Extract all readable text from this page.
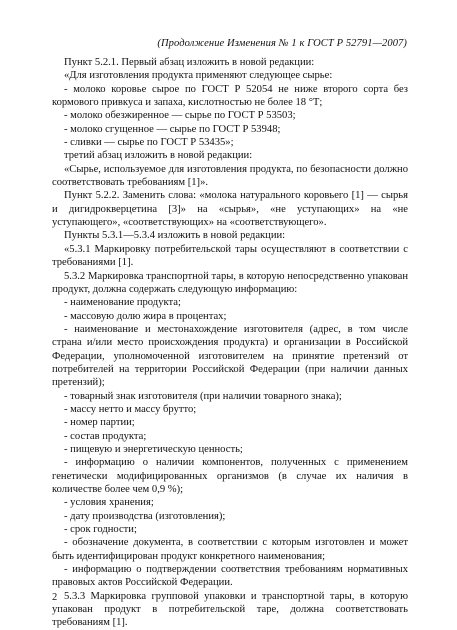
(Продолжение Изменения № 1 к ГОСТ Р 52791—2007)

Пункт 5.2.1. Первый абзац изложить в новой редакции:

«Для изготовления продукта применяют следующее сырье:

- молоко коровье сырое по ГОСТ Р 52054 не ниже второго сорта без кормового привкуса и запаха, кислотностью не более 18 °Т;

- молоко обезжиренное — сырье по ГОСТ Р 53503;

- молоко сгущенное — сырье по ГОСТ Р 53948;

- сливки — сырье по ГОСТ Р 53435»;

третий абзац изложить в новой редакции:

«Сырье, используемое для изготовления продукта, по безопасности должно соответствовать требованиям [1]».

Пункт 5.2.2. Заменить слова: «молока натурального коровьего [1] — сырья и дигидрокверцетина [3]» на «сырья», «не уступающих» на «не уступающего», «соответствующих» на «соответствующего».

Пункты 5.3.1—5.3.4 изложить в новой редакции:

«5.3.1 Маркировку потребительской тары осуществляют в соответствии с требованиями [1].

5.3.2 Маркировка транспортной тары, в которую непосредственно упакован продукт, должна содержать следующую информацию:

- наименование продукта;

- массовую долю жира в процентах;

- наименование и местонахождение изготовителя (адрес, в том числе страна и/или место происхождения продукта) и организации в Российской Федерации, уполномоченной изготовителем на принятие претензий от потребителей на территории Российской Федерации (при наличии данных претензий);

- товарный знак изготовителя (при наличии товарного знака);

- массу нетто и массу брутто;

- номер партии;

- состав продукта;

- пищевую и энергетическую ценность;

- информацию о наличии компонентов, полученных с применением генетически модифицированных организмов (в случае их наличия в количестве более чем 0,9 %);

- условия хранения;

- дату производства (изготовления);

- срок годности;

- обозначение документа, в соответствии с которым изготовлен и может быть идентифицирован продукт конкретного наименования;

- информацию о подтверждении соответствия требованиям нормативных правовых актов Российской Федерации.

5.3.3 Маркировка групповой упаковки и транспортной тары, в которую упакован продукт в потребительской таре, должна соответствовать требованиям [1].

2
